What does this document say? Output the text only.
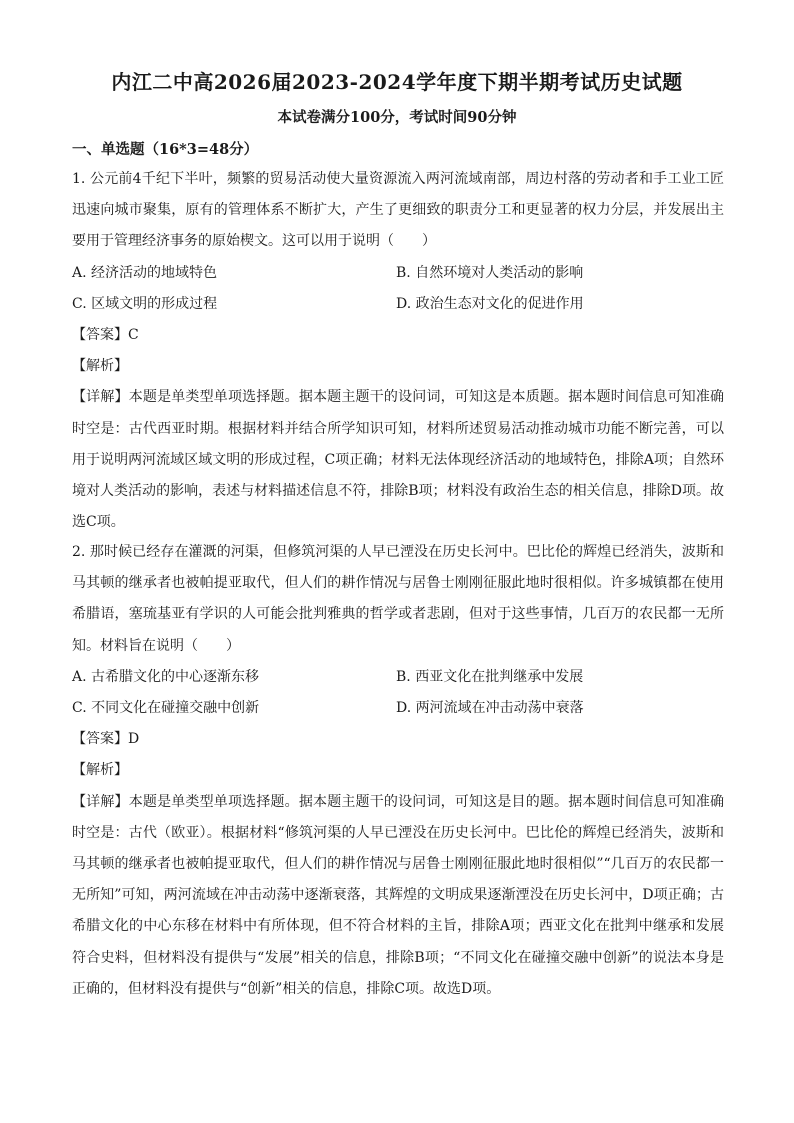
内江二中高2026届2023-2024学年度下期半期考试历史试题
本试卷满分100分，考试时间90分钟
一、单选题（16*3=48分）
1. 公元前4千纪下半叶，频繁的贸易活动使大量资源流入两河流域南部，周边村落的劳动者和手工业工匠迅速向城市聚集，原有的管理体系不断扩大，产生了更细致的职责分工和更显著的权力分层，并发展出主要用于管理经济事务的原始楔文。这可以用于说明（　　）
A. 经济活动的地域特色	B. 自然环境对人类活动的影响
C. 区域文明的形成过程	D. 政治生态对文化的促进作用
【答案】C
【解析】
【详解】本题是单类型单项选择题。据本题主题干的设问词，可知这是本质题。据本题时间信息可知准确时空是：古代西亚时期。根据材料并结合所学知识可知，材料所述贸易活动推动城市功能不断完善，可以用于说明两河流域区域文明的形成过程，C项正确；材料无法体现经济活动的地域特色，排除A项；自然环境对人类活动的影响，表述与材料描述信息不符，排除B项；材料没有政治生态的相关信息，排除D项。故选C项。
2. 那时候已经存在灌溉的河渠，但修筑河渠的人早已湮没在历史长河中。巴比伦的辉煌已经消失，波斯和马其顿的继承者也被帕提亚取代，但人们的耕作情况与居鲁士刚刚征服此地时很相似。许多城镇都在使用希腊语，塞琉基亚有学识的人可能会批判雅典的哲学或者悲剧，但对于这些事情，几百万的农民都一无所知。材料旨在说明（　　）
A. 古希腊文化的中心逐渐东移	B. 西亚文化在批判继承中发展
C. 不同文化在碰撞交融中创新	D. 两河流域在冲击动荡中衰落
【答案】D
【解析】
【详解】本题是单类型单项选择题。据本题主题干的设问词，可知这是目的题。据本题时间信息可知准确时空是：古代（欧亚）。根据材料“修筑河渠的人早已湮没在历史长河中。巴比伦的辉煌已经消失，波斯和马其顿的继承者也被帕提亚取代，但人们的耕作情况与居鲁士刚刚征服此地时很相似”“几百万的农民都一无所知”可知，两河流域在冲击动荡中逐渐衰落，其辉煌的文明成果逐渐湮没在历史长河中，D项正确；古希腊文化的中心东移在材料中有所体现，但不符合材料的主旨，排除A项；西亚文化在批判中继承和发展符合史料，但材料没有提供与“发展”相关的信息，排除B项；“不同文化在碰撞交融中创新”的说法本身是正确的，但材料没有提供与“创新”相关的信息，排除C项。故选D项。
